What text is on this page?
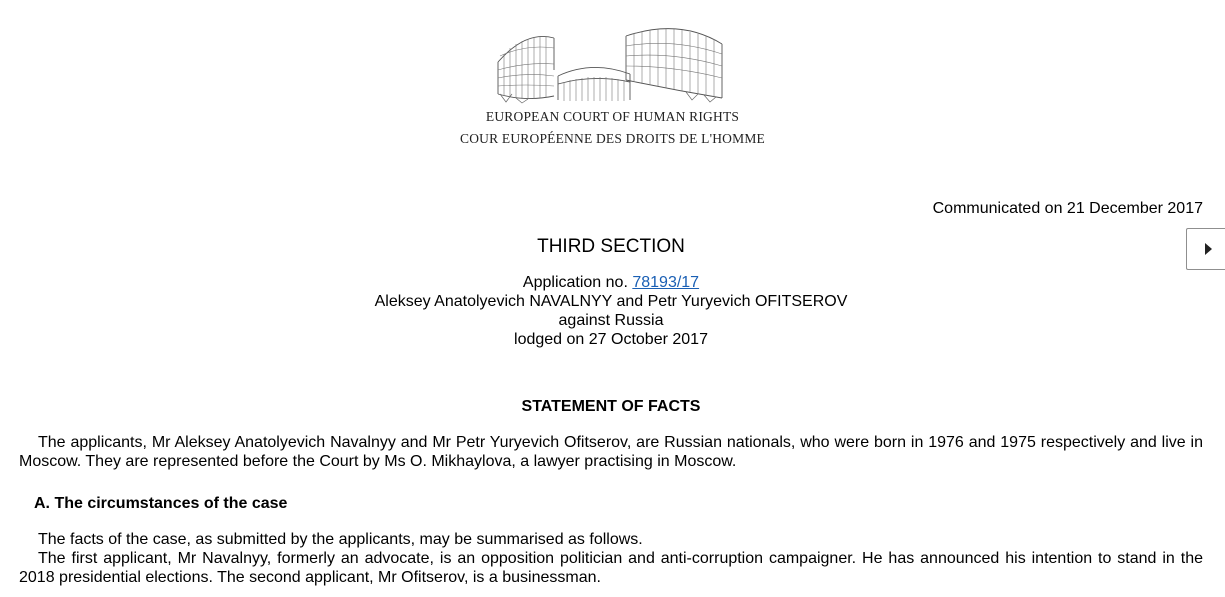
EUROPEAN COURT OF HUMAN RIGHTS
COUR EUROPÉENNE DES DROITS DE L'HOMME
Communicated on 21 December 2017
THIRD SECTION
Application no. 78193/17
Aleksey Anatolyevich NAVALNYY and Petr Yuryevich OFITSEROV
against Russia
lodged on 27 October 2017
STATEMENT OF FACTS
The applicants, Mr Aleksey Anatolyevich Navalnyy and Mr Petr Yuryevich Ofitserov, are Russian nationals, who were born in 1976 and 1975 respectively and live in Moscow. They are represented before the Court by Ms O. Mikhaylova, a lawyer practising in Moscow.
A. The circumstances of the case
The facts of the case, as submitted by the applicants, may be summarised as follows.
The first applicant, Mr Navalnyy, formerly an advocate, is an opposition politician and anti-corruption campaigner. He has announced his intention to stand in the 2018 presidential elections. The second applicant, Mr Ofitserov, is a businessman.
